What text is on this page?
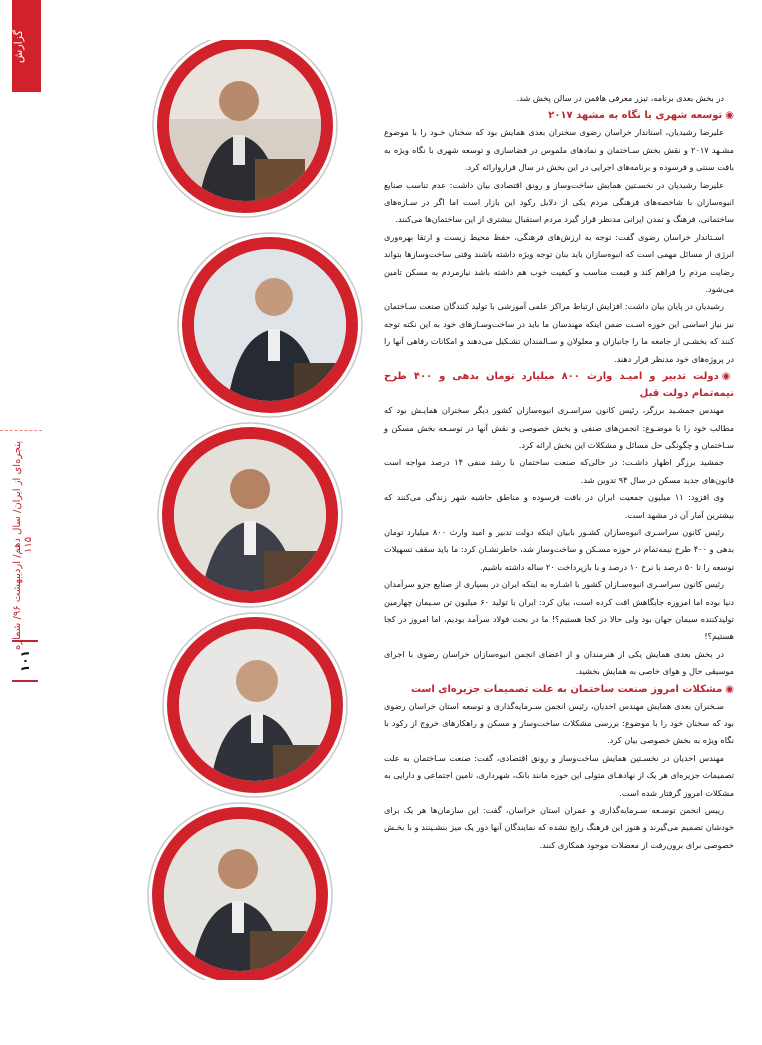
گزارش
پنجره‌ای‌ از ایران/ سال دهم/ اردیبهشت ۹۶/ شماره ۱۱۵
۱۰۱

در بخش بعدی برنامه، تیزر معرفی هافمن در سالن پخش شد.

◉توسعه شهری با نگاه به مشهد ۲۰۱۷

علیرضا رشیدیان، استاندار خراسان رضوی سخنران بعدی همایش بود که سخنان خـود را با موضوع مشـهد ۲۰۱۷ و نقش بخش سـاختمان و نمادهای ملموس در فضاسازی و توسعه شهری با نگاه ویژه به بافت سنتی و فرسوده و برنامه‌های اجرایی در این بخش در سال فراروارائه کرد.

علیرضا رشیدیان در نخسـتین همایش ساخت‌وساز و رونق اقتصادی بیان داشت: عدم تناسب صنایع انبوه‌سازان با شاخصه‌های فرهنگی مردم یکی از دلایل رکود این بازار است اما اگر در سـازه‌های ساختمانی، فرهنگ و تمدن ایرانی مدنظر قرار گیرد مردم استقبال بیشتری از این ساختمان‌ها می‌کنند.

اسـتاندار خراسان رضوی گفت: توجه به ارزش‌های فرهنگی، حفظ محیط زیست و ارتقا بهره‌وری انرژی از مسائل مهمی است که انبوه‌سازان باید بنان توجه ویژه داشته باشند وقتی ساخت‌وسازها بتواند رضایت مردم را فراهم کند و قیمت مناسب و کیفیت خوب هم داشته باشد نیازمردم به مسکن تامین می‌شود.

رشیدیان در پایان بیان داشت: افزایش ارتباط مراکز علمی آموزشی با تولید کنندگان صنعت سـاختمان نیز نیاز اساسی این حوزه اسـت ضمن اینکه مهندسان ما باید در ساخت‌وسـازهای خود به این نکته توجه کنند که بخشـی از جامعه ما را جانبازان و معلولان و سـالمندان تشـکیل می‌دهند و امکانات رفاهی آنها را در پروژه‌های خود مدنظر قرار دهند.

◉دولت تدبیر و امیـد وارث ۸۰۰ میلیارد تومان بدهی و ۴۰۰ طرح نیمه‌تمام دولت قبل

مهندس جمشـید برزگر، رئیس کانون سراسـری انبوه‌سازان کشور دیگر سخنران همایـش بود که مطالب خود را با موضـوع: انجمن‌های صنفی و بخش خصوصی و نقش آنها در توسـعه بخش مسکن و سـاختمان و چگونگی حل مسائل و مشکلات این بخش ارائه کرد.

جمشید برزگر اظهار داشـت: در حالی‌که صنعت ساختمان با رشد منفی ۱۴ درصد مواجه است قانون‌های جدید مسکن در سال ۹۴ تدوین شد.

وی افزود: ۱۱ میلیون جمعیت ایران در بافت فرسوده و مناطق حاشیه شهر زندگی می‌کنند که بیشترین آمار آن در مشهد است.

رئیس کانون سراسـری انبوه‌سازان کشـور بابیان اینکه دولت تدبیر و امید وارث ۸۰۰ میلیارد تومان بدهی و ۴۰۰ طرح نیمه‌تمام در حوزه مسـکن و ساخت‌وساز شد، خاطرنشـان کرد: ما باید سقف تسهیلات توسعه را تا ۵۰ درصد با نرخ ۱۰ درصد و با بازپرداخت ۲۰ ساله داشته باشیم.

رئیس کانون سراسـری انبوه‌سـازان کشور با اشـاره به اینکه ایران در بسیاری از صنایع جزو سرآمدان دنیا بوده اما امروزه جایگاهش افت کرده است، بیان کرد: ایران با تولید ۶۰ میلیون تن سـیمان چهارمین تولیدکننده سیمان جهان بود ولی حالا در کجا هستیم؟! ما در بحث فولاد سرآمد بودیم، اما امروز در کجا هستیم؟!

در بخش بعدی همایش یکی از هنرمندان و از اعضای انجمن انبوه‌سازان خراسان رضوی با اجرای موسیقی حال و هوای خاصی به همایش بخشید.

◉مشکلات امروز صنعت ساختمان به علت تصمیمات جزیره‌ای است

سـخنران بعدی همایش مهندس احدیان، رئیس انجمن سـرمایه‌گذاری و توسعه استان خراسان رضوی بود که سخنان خود را با موضوع: بررسی مشکلات ساخت‌وساز و مسکن و راهکارهای خروج از رکود با نگاه ویژه به بخش خصوصی بیان کرد.

مهندس احدیان در نخسـتین همایش ساخت‌وساز و رونق اقتصادی، گفت: صنعت سـاختمان به علت تصمیمات جزیره‌ای هر یک از نهادهـای متولی این حوزه مانند بانک، شهرداری، تامین اجتماعی و دارایی به مشکلات امروز گرفتار شده است.

رییس انجمن توسـعه سـرمایه‌گذاری و عمران استان خراسان، گفت: این سازمان‌ها هر یک برای خودشان تصمیم می‌گیرند و هنوز این فرهنگ رایج نشده که نمایندگان آنها دور یک میز بنشـینند و با بخـش خصوصی برای برون‌رفت از معضلات موجود همکاری کنند.
